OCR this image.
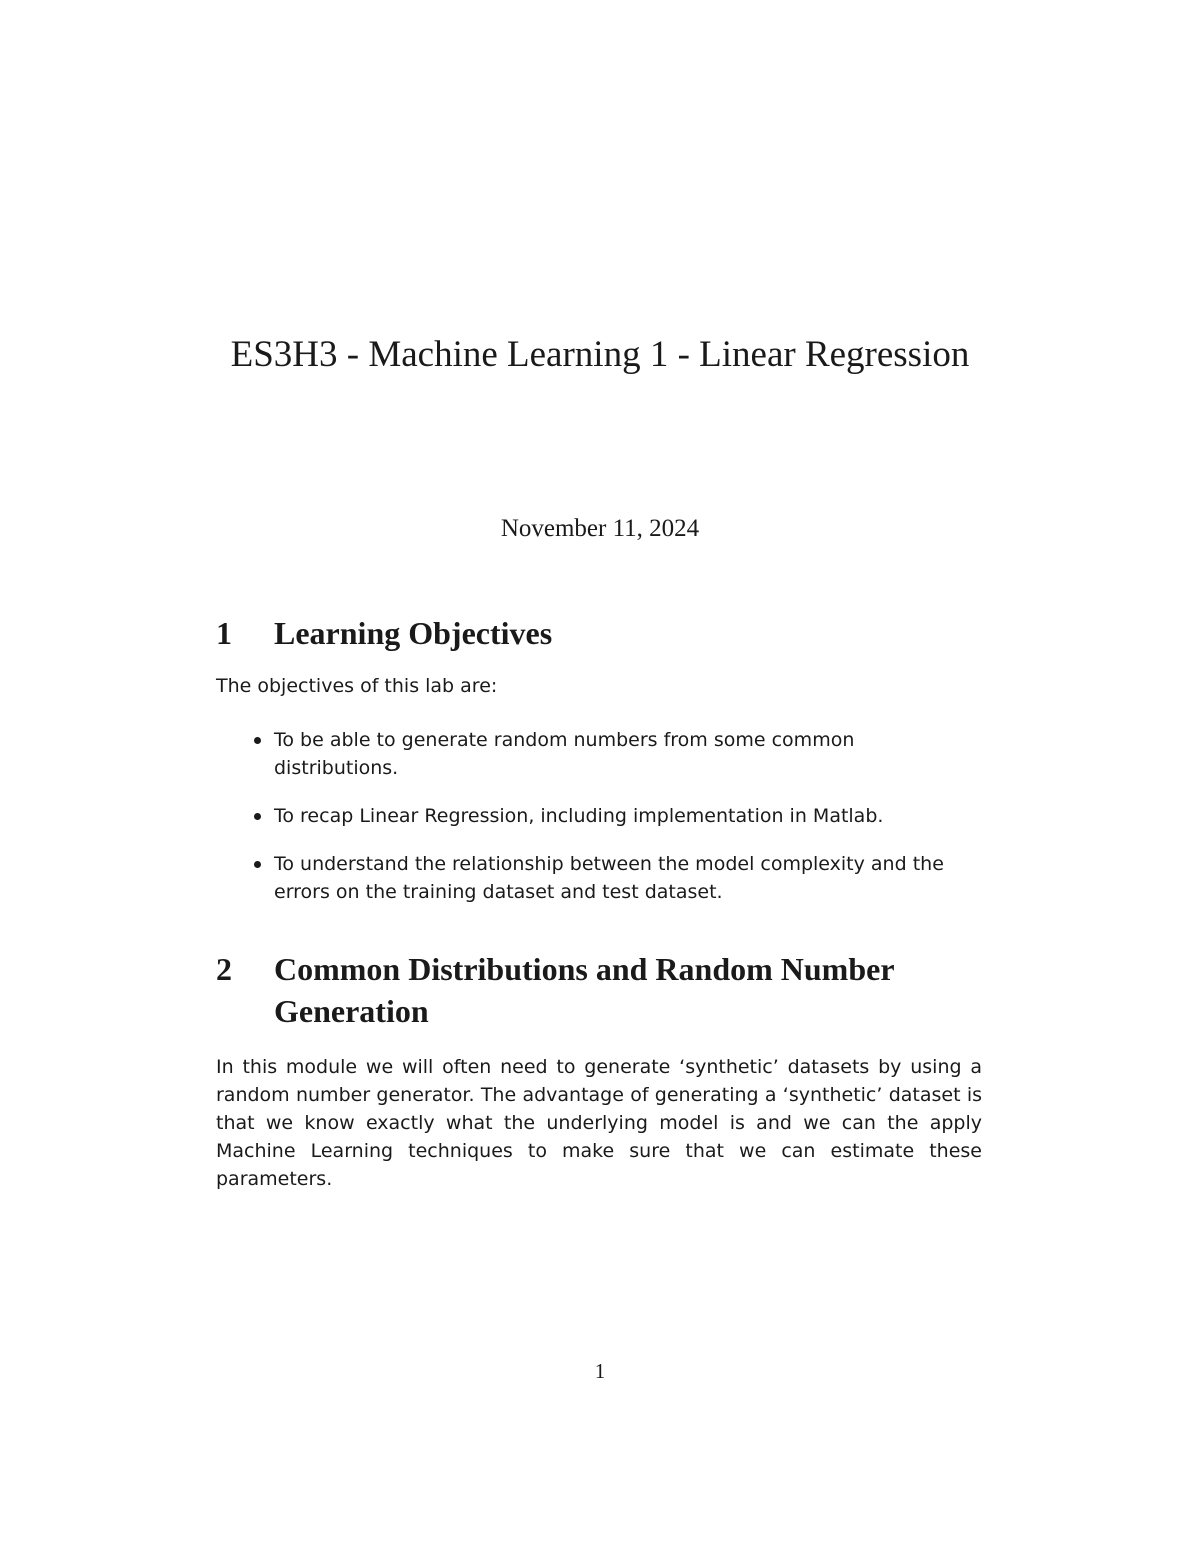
ES3H3 - Machine Learning 1 - Linear Regression

November 11, 2024

1 Learning Objectives

The objectives of this lab are:

To be able to generate random numbers from some common distributions.
To recap Linear Regression, including implementation in Matlab.
To understand the relationship between the model complexity and the errors on the training dataset and test dataset.
2 Common Distributions and Random Number Generation

In this module we will often need to generate ‘synthetic’ datasets by using a random number generator. The advantage of generating a ‘synthetic’ dataset is that we know exactly what the underlying model is and we can the apply Machine Learning techniques to make sure that we can estimate these parameters.

1
